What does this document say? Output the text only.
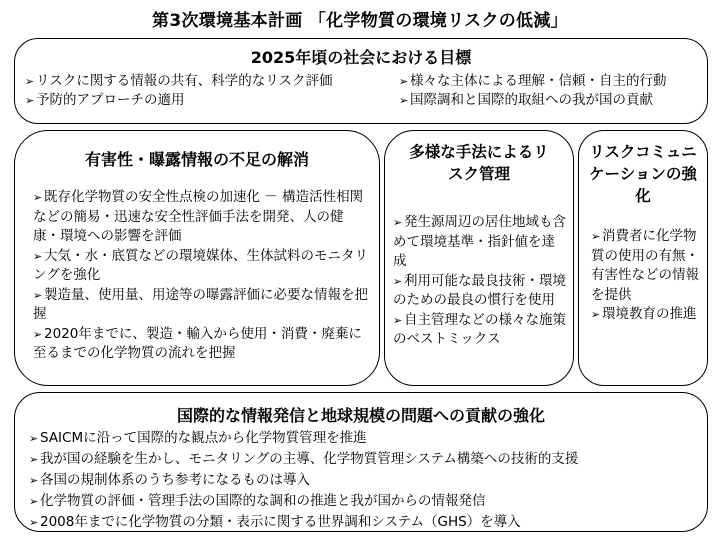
第3次環境基本計画 「化学物質の環境リスクの低減」
2025年頃の社会における目標
➢ リスクに関する情報の共有、科学的なリスク評価
➢ 予防的アプローチの適用
➢ 様々な主体による理解・信頼・自主的行動
➢ 国際調和と国際的取組への我が国の貢献
有害性・曝露情報の不足の解消
➢ 既存化学物質の安全性点検の加速化 － 構造活性相関などの簡易・迅速な安全性評価手法を開発、人の健康・環境への影響を評価
➢ 大気・水・底質などの環境媒体、生体試料のモニタリングを強化
➢ 製造量、使用量、用途等の曝露評価に必要な情報を把握
➢ 2020年までに、製造・輸入から使用・消費・廃棄に至るまでの化学物質の流れを把握
多様な手法によるリスク管理
➢ 発生源周辺の居住地域も含めて環境基準・指針値を達成
➢ 利用可能な最良技術・環境のための最良の慣行を使用
➢ 自主管理などの様々な施策のベストミックス
リスクコミュニケーションの強化
➢ 消費者に化学物質の使用の有無・有害性などの情報を提供
➢ 環境教育の推進
国際的な情報発信と地球規模の問題への貢献の強化
➢ SAICMに沿って国際的な観点から化学物質管理を推進
➢ 我が国の経験を生かし、モニタリングの主導、化学物質管理システム構築への技術的支援
➢ 各国の規制体系のうち参考になるものは導入
➢ 化学物質の評価・管理手法の国際的な調和の推進と我が国からの情報発信
➢ 2008年までに化学物質の分類・表示に関する世界調和システム（GHS）を導入
